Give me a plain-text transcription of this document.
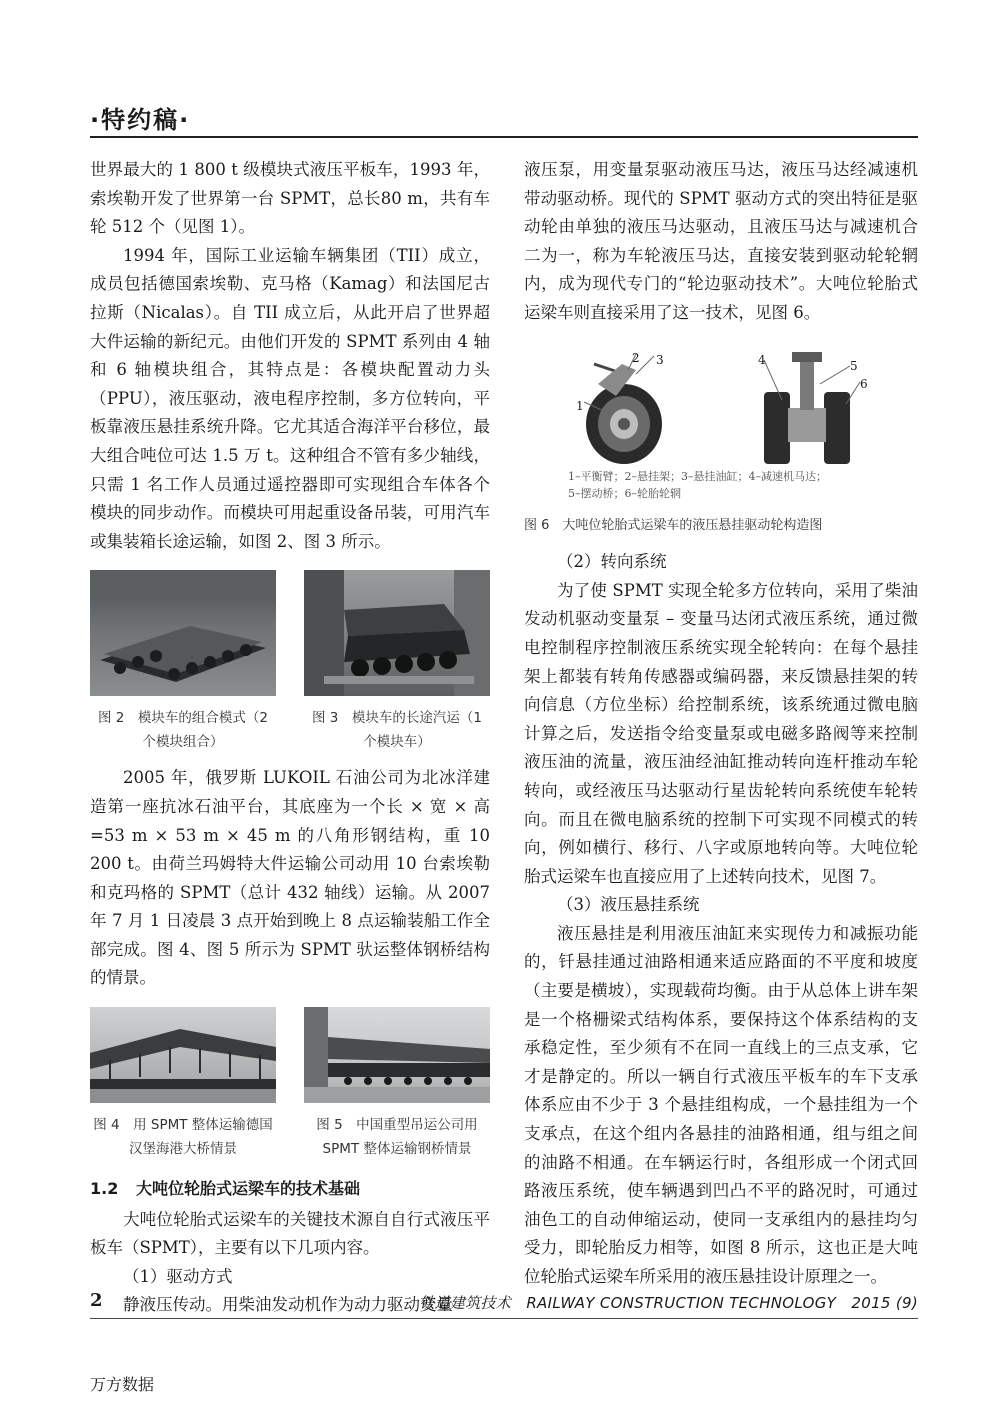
·特约稿·

世界最大的 1 800 t 级模块式液压平板车，1993 年，索埃勒开发了世界第一台 SPMT，总长80 m，共有车轮 512 个（见图 1）。

1994 年，国际工业运输车辆集团（TII）成立，成员包括德国索埃勒、克马格（Kamag）和法国尼古拉斯（Nicalas）。自 TII 成立后，从此开启了世界超大件运输的新纪元。由他们开发的 SPMT 系列由 4 轴和 6 轴模块组合，其特点是：各模块配置动力头（PPU），液压驱动，液电程序控制，多方位转向，平板靠液压悬挂系统升降。它尤其适合海洋平台移位，最大组合吨位可达 1.5 万 t。这种组合不管有多少轴线，只需 1 名工作人员通过遥控器即可实现组合车体各个模块的同步动作。而模块可用起重设备吊装，可用汽车或集装箱长途运输，如图 2、图 3 所示。

图 2　模块车的组合模式（2 个模块组合）
图 3　模块车的长途汽运（1 个模块车）

2005 年，俄罗斯 LUKOIL 石油公司为北冰洋建造第一座抗冰石油平台，其底座为一个长 × 宽 × 高 =53 m × 53 m × 45 m 的八角形钢结构，重 10 200 t。由荷兰玛姆特大件运输公司动用 10 台索埃勒和克玛格的 SPMT（总计 432 轴线）运输。从 2007 年 7 月 1 日凌晨 3 点开始到晚上 8 点运输装船工作全部完成。图 4、图 5 所示为 SPMT 驮运整体钢桥结构的情景。

图 4　用 SPMT 整体运输德国汉堡海港大桥情景
图 5　中国重型吊运公司用 SPMT 整体运输钢桥情景
1.2 大吨位轮胎式运梁车的技术基础

大吨位轮胎式运梁车的关键技术源自自行式液压平板车（SPMT），主要有以下几项内容。

（1）驱动方式

静液压传动。用柴油发动机作为动力驱动变量

液压泵，用变量泵驱动液压马达，液压马达经减速机带动驱动桥。现代的 SPMT 驱动方式的突出特征是驱动轮由单独的液压马达驱动，且液压马达与减速机合二为一，称为车轮液压马达，直接安装到驱动轮轮辋内，成为现代专门的“轮边驱动技术”。大吨位轮胎式运梁车则直接采用了这一技术，见图 6。

1
2 3	4	5
6
1–平衡臂；2–悬挂架；3–悬挂油缸；4–减速机马达；
5–摆动桥；6–轮胎轮辋
图 6　大吨位轮胎式运梁车的液压悬挂驱动轮构造图

（2）转向系统

为了使 SPMT 实现全轮多方位转向，采用了柴油发动机驱动变量泵 – 变量马达闭式液压系统，通过微电控制程序控制液压系统实现全轮转向：在每个悬挂架上都装有转角传感器或编码器，来反馈悬挂架的转向信息（方位坐标）给控制系统，该系统通过微电脑计算之后，发送指令给变量泵或电磁多路阀等来控制液压油的流量，液压油经油缸推动转向连杆推动车轮转向，或经液压马达驱动行星齿轮转向系统使车轮转向。而且在微电脑系统的控制下可实现不同模式的转向，例如横行、移行、八字或原地转向等。大吨位轮胎式运梁车也直接应用了上述转向技术，见图 7。

（3）液压悬挂系统

液压悬挂是利用液压油缸来实现传力和减振功能的，钎悬挂通过油路相通来适应路面的不平度和坡度（主要是横坡），实现载荷均衡。由于从总体上讲车架是一个格栅梁式结构体系，要保持这个体系结构的支承稳定性，至少须有不在同一直线上的三点支承，它才是静定的。所以一辆自行式液压平板车的车下支承体系应由不少于 3 个悬挂组构成，一个悬挂组为一个支承点，在这个组内各悬挂的油路相通，组与组之间的油路不相通。在车辆运行时，各组形成一个闭式回路液压系统，使车辆遇到凹凸不平的路况时，可通过油色工的自动伸缩运动，使同一支承组内的悬挂均匀受力，即轮胎反力相等，如图 8 所示，这也正是大吨位轮胎式运梁车所采用的液压悬挂设计原理之一。

2	铁道建筑技术　RAILWAY CONSTRUCTION TECHNOLOGY　2015 (9)
万方数据
